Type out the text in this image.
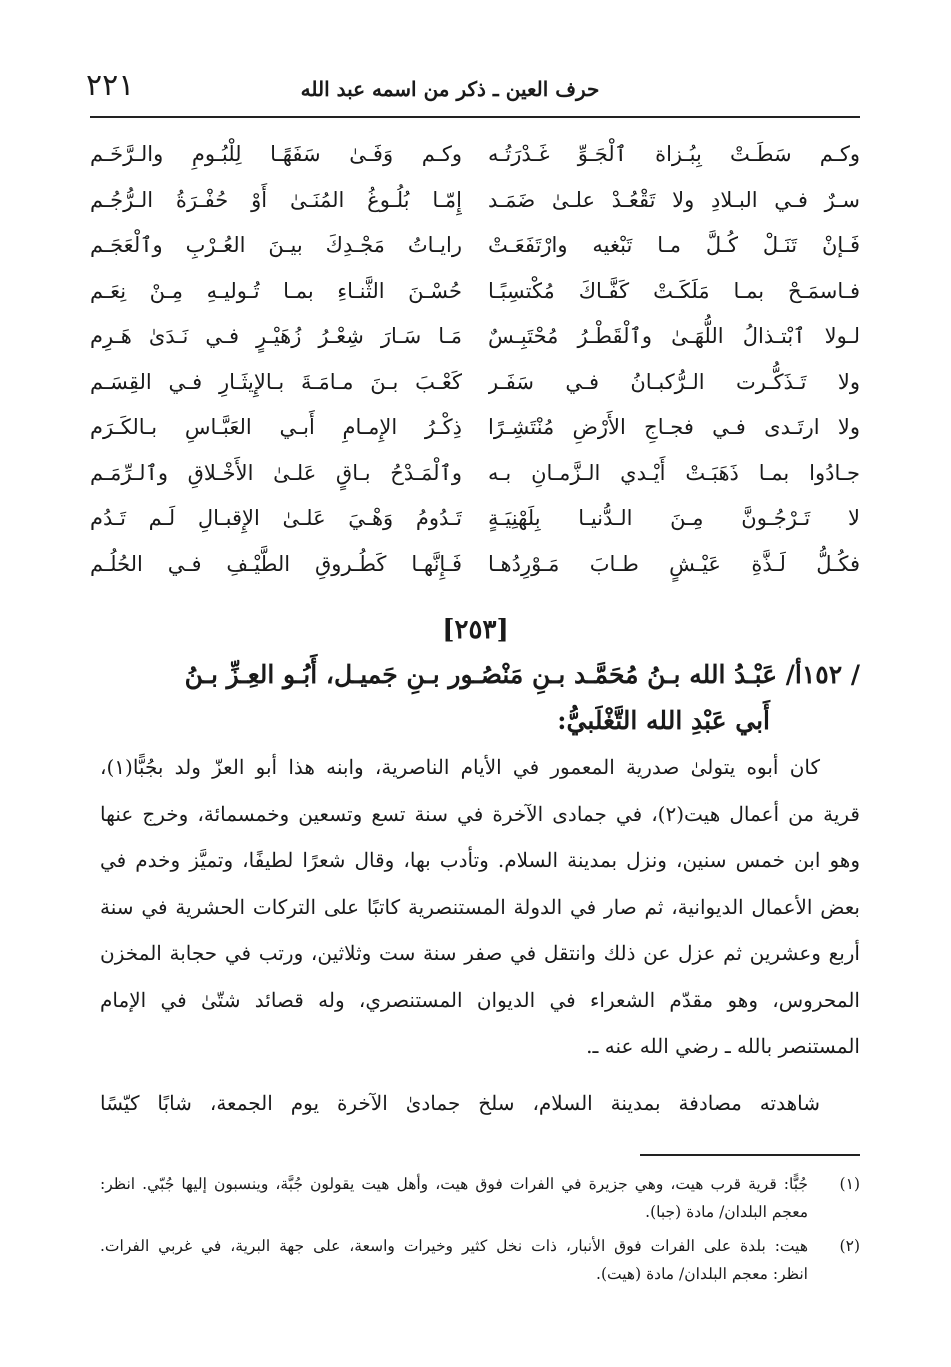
٢٢١	حرف العين ـ ذكر من اسمه عبد الله
وكـم سَطَـتْ بِبُـزاة ٱلْجَـوِّ غَـدْرَتُـه
سـرٌ فـي البـلادِ ولا تَقْعُـدْ علـىٰ ضَمَـد
فَـإنْ تَنَـلْ كُـلَّ مـا تَبْغيه وارْتَفَعَـتْ
فـاسمَـحْ بمـا مَلَكَـتْ كَفَّـاكَ مُكْتسِبًـا
لـولا ٱبْتـذالُ اللُّهَـىٰ وٱلْقَطْـرُ مُحْتَبِـسٌ
ولا تَـذَكُّـرت الـرُّكبـانُ فـي سَفَـر
ولا ارتَـدى فـي فجـاجِ الأَرْضِ مُنْتَشِـرًا
جـادُوا بمـا ذَهَبَـتْ أَيْـدي الـزَّمـانِ بـه
لا تَـرْجُـونَّ مِـنَ الـدُّنيـا بِلَهْنِيَـةٍ
فكُـلُّ لَـذَّةِ عَيْـشٍ طـابَ مَـوْرِدُهـا
وكـم وَفَـىٰ سَفَهًـا لِلْبُـومِ والـرَّخَـم
إِمّـا بُلُـوغُ المُنَـىٰ أَوْ حُفْـرَةُ الـرُّجُـم
رايـاتُ مَجْـدِكَ بيـنَ العُـرْبِ وٱلْعَجَـم
حُسْـنَ الثَّنـاءِ بمـا تُـوليـهِ مِـنْ نِعَـم
مَـا سَـارَ شِعْـرُ زُهَيْـرٍ فـي نَـدَىٰ هَـرِم
كَعْـبَ بـنَ مـامَـةَ بـالإِيثَـارِ فـي القِسَـم
ذِكْـرُ الإِمـامِ أَبـي العَبَّـاسِ بـالكَـرَم
وٱلْمَـدْحُ بـاقٍ عَلـىٰ الأَخْـلاقِ وٱلـرِّمَـم
تَـدُومُ وَهْـيَ عَلـىٰ الإِقبـالِ لَـم تَـدُم
فَـإِنَّهـا كَطُـروقِ الطَّيْـفِ فـي الحُلُـم
[٢٥٣]
/ ١٥٢أ/ عَبْـدُ الله بـنُ مُحَمَّـد بـنِ مَنْصُـور بـنِ جَميـل، أَبُـو العِـزِّ بـنُ
أَبي عَبْدِ الله التَّغْلَبيُّ:
كان أبوه يتولىٰ صدرية المعمور في الأيام الناصرية، وابنه هذا أبو العزّ ولد بجُبًّا(١)،
قرية من أعمال هيت(٢)، في جمادى الآخرة في سنة تسع وتسعين وخمسمائة، وخرج عنها
وهو ابن خمس سنين، ونزل بمدينة السلام. وتأدب بها، وقال شعرًا لطيفًا، وتميَّز وخدم في
بعض الأعمال الديوانية، ثم صار في الدولة المستنصرية كاتبًا على التركات الحشرية في سنة
أربع وعشرين ثم عزل عن ذلك وانتقل في صفر سنة ست وثلاثين، ورتب في حجابة المخزن
المحروس، وهو مقدّم الشعراء في الديوان المستنصري، وله قصائد شتّىٰ في الإمام
المستنصر بالله ـ رضي الله عنه ـ.
شاهدته مصادفة بمدينة السلام، سلخ جمادىٰ الآخرة يوم الجمعة، شابًا كيّسًا
(١)
جُبًّا: قرية قرب هيت، وهي جزيرة في الفرات فوق هيت، وأهل هيت يقولون جُبَّة، وينسبون إليها جُبّي. انظر:
معجم البلدان/ مادة (جبا).
(٢)
هيت: بلدة على الفرات فوق الأنبار، ذات نخل كثير وخيرات واسعة، على جهة البرية، في غربي الفرات.
انظر: معجم البلدان/ مادة (هيت).
